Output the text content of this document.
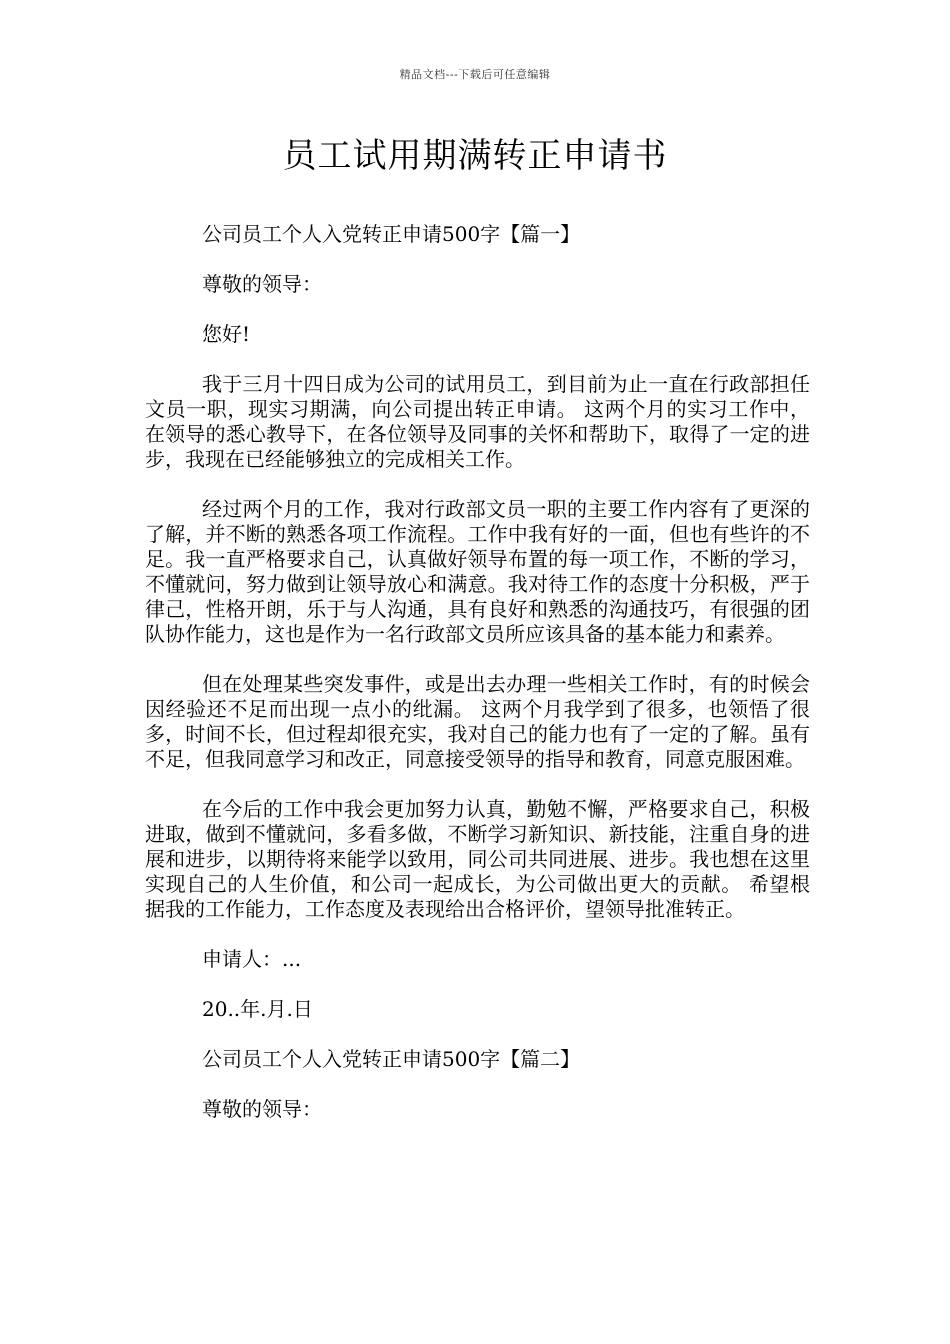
精品文档---下载后可任意编辑
员工试用期满转正申请书
公司员工个人入党转正申请500字【篇一】
尊敬的领导：
您好!
我于三月十四日成为公司的试用员工，到目前为止一直在行政部担任文员一职，现实习期满，向公司提出转正申请。 这两个月的实习工作中，在领导的悉心教导下，在各位领导及同事的关怀和帮助下，取得了一定的进步，我现在已经能够独立的完成相关工作。
经过两个月的工作，我对行政部文员一职的主要工作内容有了更深的了解，并不断的熟悉各项工作流程。工作中我有好的一面，但也有些许的不足。我一直严格要求自己，认真做好领导布置的每一项工作，不断的学习，不懂就问，努力做到让领导放心和满意。我对待工作的态度十分积极，严于律己，性格开朗，乐于与人沟通，具有良好和熟悉的沟通技巧，有很强的团队协作能力，这也是作为一名行政部文员所应该具备的基本能力和素养。
但在处理某些突发事件，或是出去办理一些相关工作时，有的时候会因经验还不足而出现一点小的纰漏。 这两个月我学到了很多，也领悟了很多，时间不长，但过程却很充实，我对自己的能力也有了一定的了解。虽有不足，但我同意学习和改正，同意接受领导的指导和教育，同意克服困难。
在今后的工作中我会更加努力认真，勤勉不懈，严格要求自己，积极进取，做到不懂就问，多看多做，不断学习新知识、新技能，注重自身的进展和进步，以期待将来能学以致用，同公司共同进展、进步。我也想在这里实现自己的人生价值，和公司一起成长，为公司做出更大的贡献。 希望根据我的工作能力，工作态度及表现给出合格评价，望领导批准转正。
申请人：...
20..年.月.日
公司员工个人入党转正申请500字【篇二】
尊敬的领导：
